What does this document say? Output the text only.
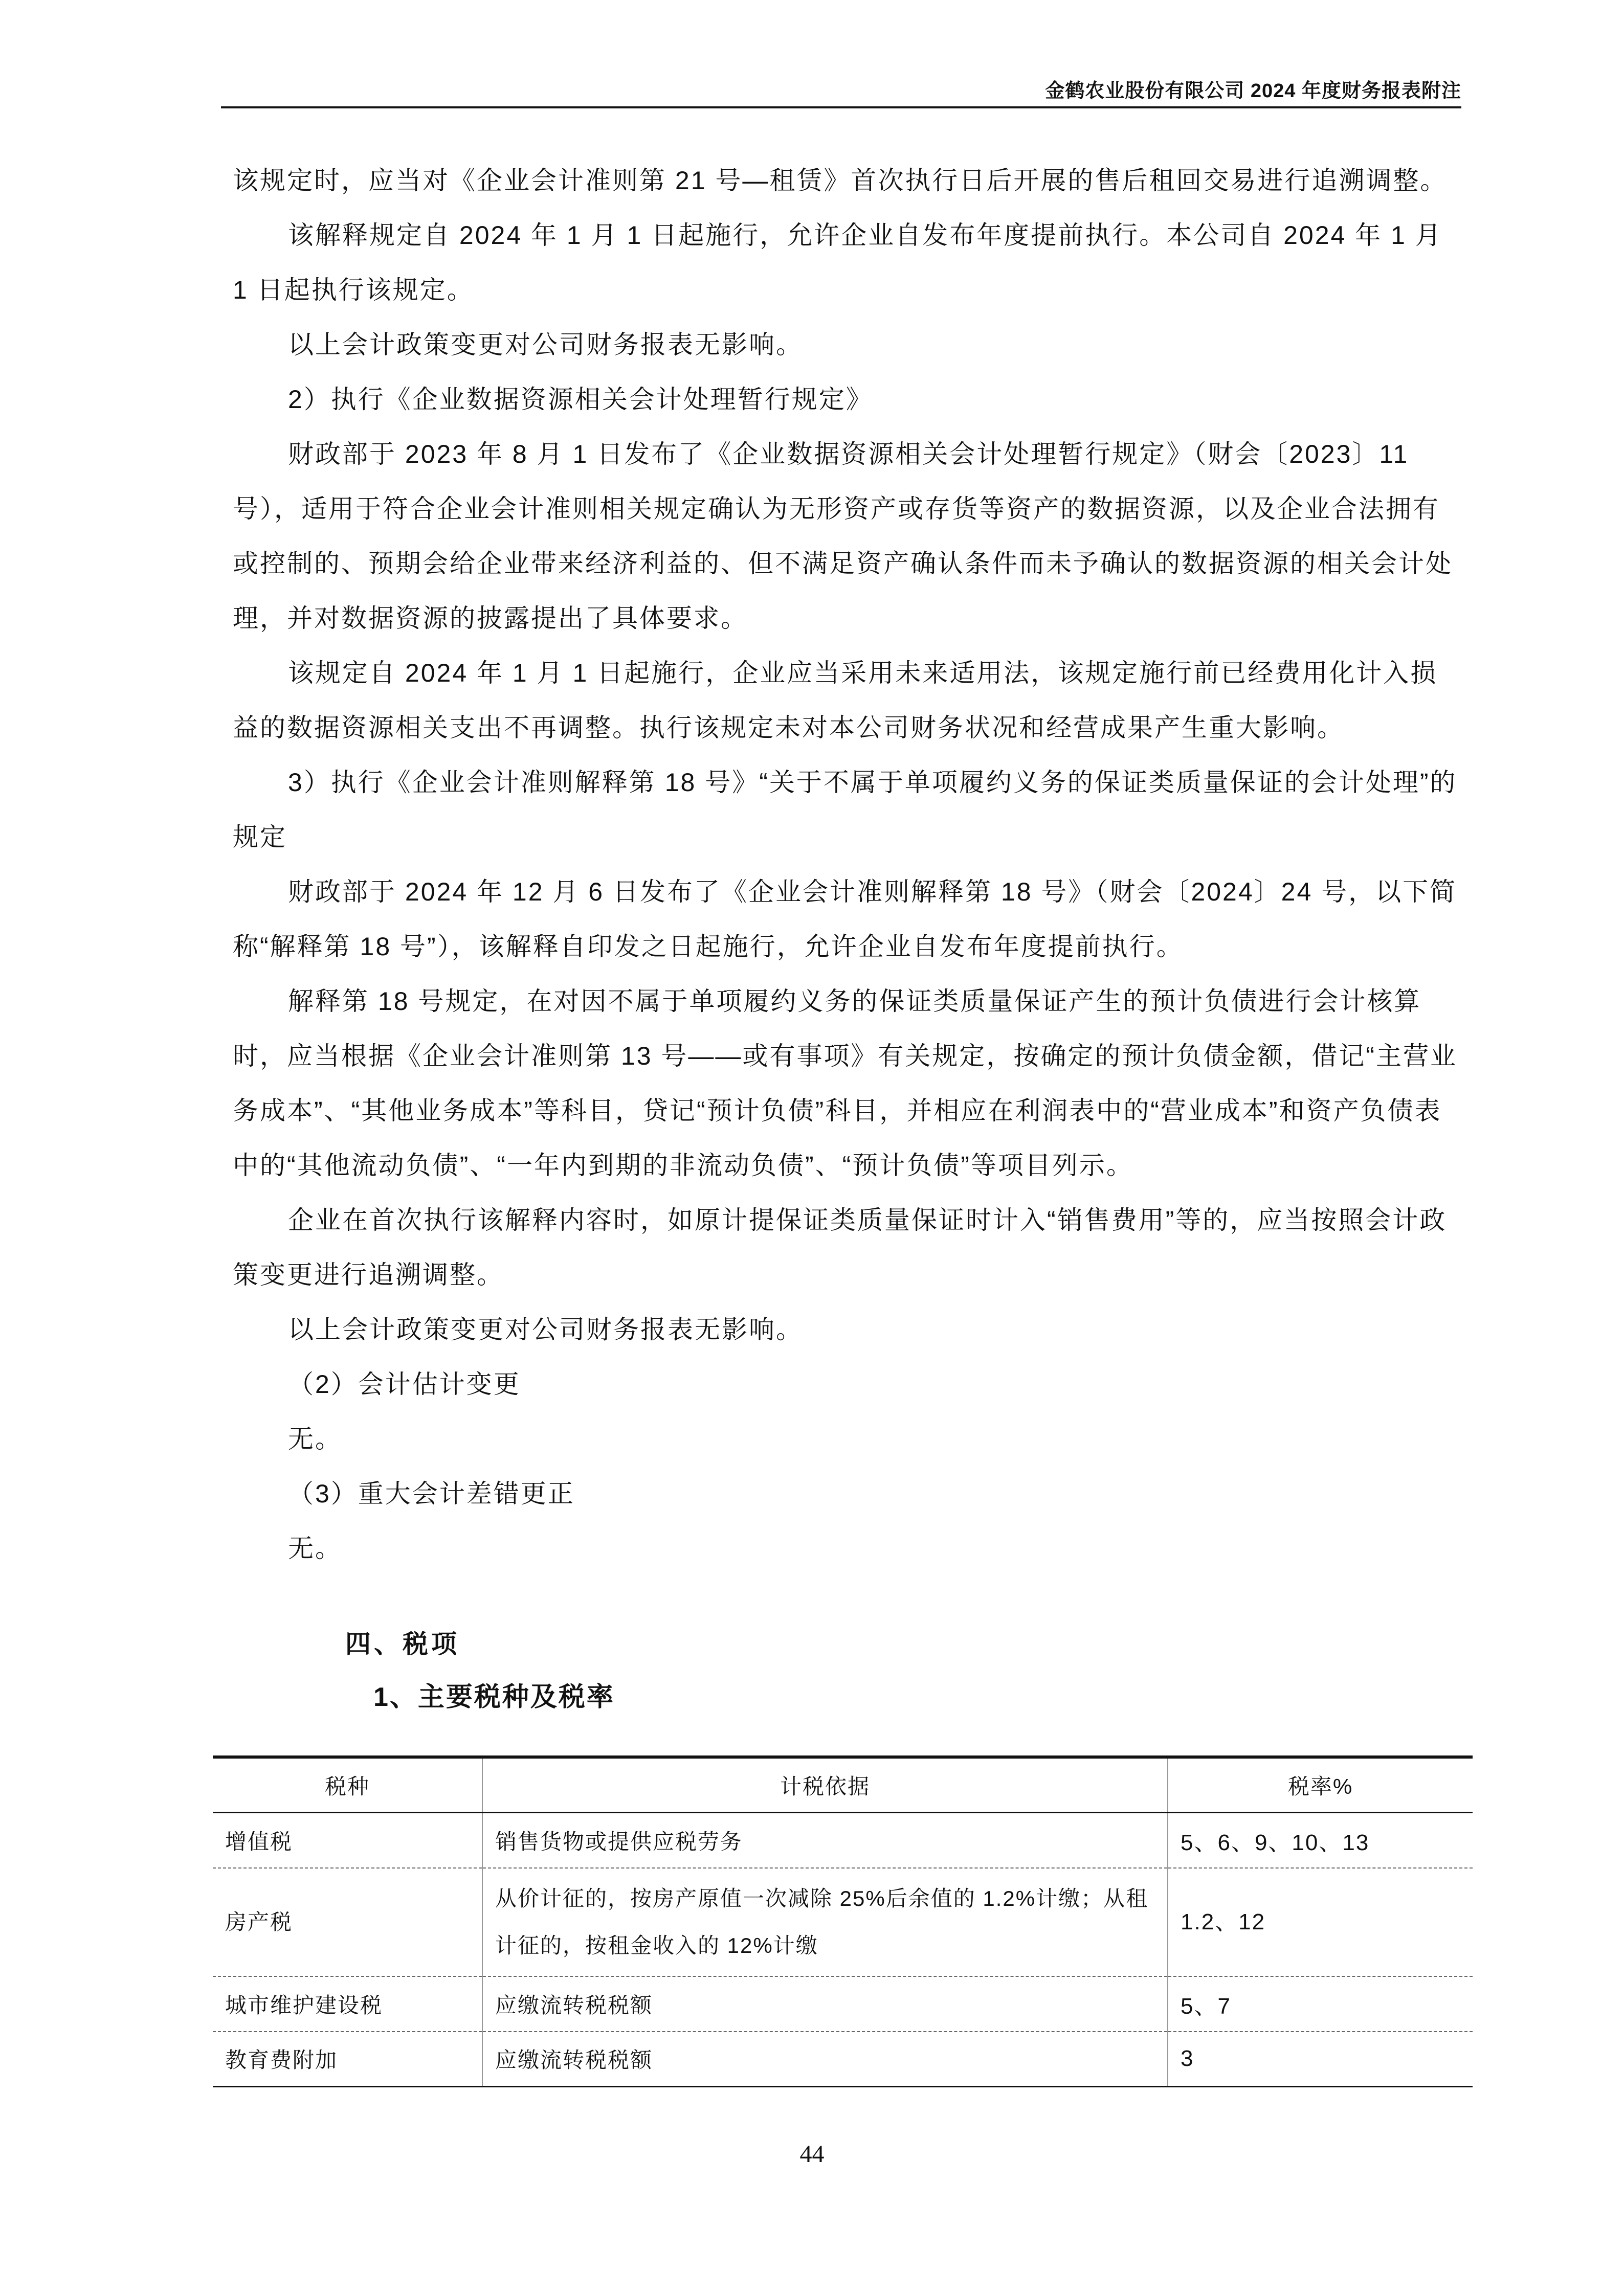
金鹤农业股份有限公司 2024 年度财务报表附注

该规定时，应当对《企业会计准则第 21 号—租赁》首次执行日后开展的售后租回交易进行追溯调整。

该解释规定自 2024 年 1 月 1 日起施行，允许企业自发布年度提前执行。本公司自 2024 年 1 月 1 日起执行该规定。

以上会计政策变更对公司财务报表无影响。

2）执行《企业数据资源相关会计处理暂行规定》

财政部于 2023 年 8 月 1 日发布了《企业数据资源相关会计处理暂行规定》（财会〔2023〕11 号），适用于符合企业会计准则相关规定确认为无形资产或存货等资产的数据资源，以及企业合法拥有或控制的、预期会给企业带来经济利益的、但不满足资产确认条件而未予确认的数据资源的相关会计处理，并对数据资源的披露提出了具体要求。

该规定自 2024 年 1 月 1 日起施行，企业应当采用未来适用法，该规定施行前已经费用化计入损益的数据资源相关支出不再调整。执行该规定未对本公司财务状况和经营成果产生重大影响。

3）执行《企业会计准则解释第 18 号》“关于不属于单项履约义务的保证类质量保证的会计处理”的规定

财政部于 2024 年 12 月 6 日发布了《企业会计准则解释第 18 号》（财会〔2024〕24 号，以下简称“解释第 18 号”），该解释自印发之日起施行，允许企业自发布年度提前执行。

解释第 18 号规定，在对因不属于单项履约义务的保证类质量保证产生的预计负债进行会计核算时，应当根据《企业会计准则第 13 号——或有事项》有关规定，按确定的预计负债金额，借记“主营业务成本”、“其他业务成本”等科目，贷记“预计负债”科目，并相应在利润表中的“营业成本”和资产负债表中的“其他流动负债”、“一年内到期的非流动负债”、“预计负债”等项目列示。

企业在首次执行该解释内容时，如原计提保证类质量保证时计入“销售费用”等的，应当按照会计政策变更进行追溯调整。

以上会计政策变更对公司财务报表无影响。

（2）会计估计变更

无。

（3）重大会计差错更正

无。

四、税项

1、主要税种及税率

税种	计税依据	税率%
增值税	销售货物或提供应税劳务	5、6、9、10、13
房产税	从价计征的，按房产原值一次减除 25%后余值的 1.2%计缴；从租计征的，按租金收入的 12%计缴	1.2、12
城市维护建设税	应缴流转税税额	5、7
教育费附加	应缴流转税税额	3
44
